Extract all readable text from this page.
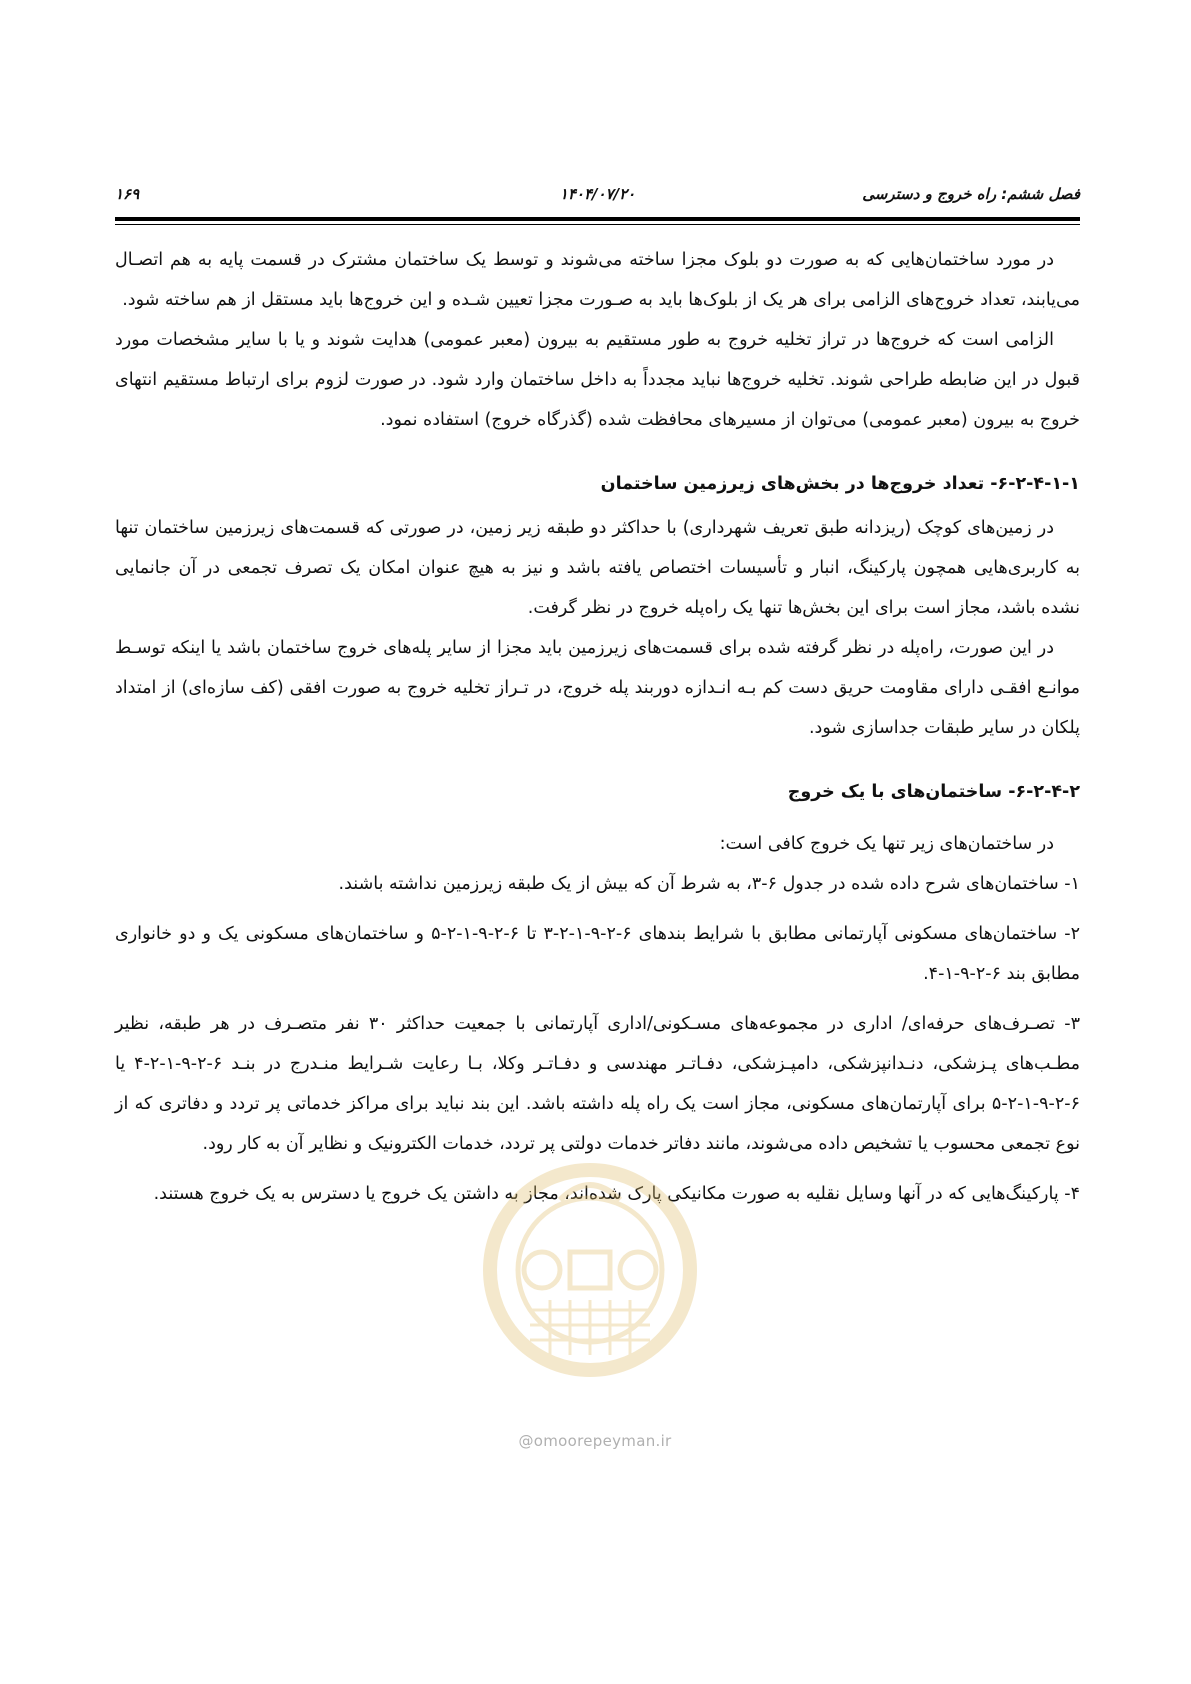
فصل ششم: راه خروج و دسترسی
۱۴۰۴/۰۷/۲۰
۱۶۹

در مورد ساختمان‌هایی که به صورت دو بلوک مجزا ساخته می‌شوند و توسط یک ساختمان مشترک در قسمت پایه به هم اتصـال می‌یابند، تعداد خروج‌های الزامی برای هر یک از بلوک‌ها باید به صـورت مجزا تعیین شـده و این خروج‌ها باید مستقل از هم ساخته شود.

الزامی است که خروج‌ها در تراز تخلیه خروج به طور مستقیم به بیرون (معبر عمومی) هدایت شوند و یا با سایر مشخصات مورد قبول در این ضابطه طراحی شوند. تخلیه خروج‌ها نباید مجدداً به داخل ساختمان وارد شود. در صورت لزوم برای ارتباط مستقیم انتهای خروج به بیرون (معبر عمومی) می‌توان از مسیرهای محافظت شده (گذرگاه خروج) استفاده نمود.

۶-۲-۴-۱-۱- تعداد خروج‌ها در بخش‌های زیرزمین ساختمان

در زمین‌های کوچک (ریزدانه طبق تعریف شهرداری) با حداکثر دو طبقه زیر زمین، در صورتی که قسمت‌های زیرزمین ساختمان تنها به کاربری‌هایی همچون پارکینگ، انبار و تأسیسات اختصاص یافته باشد و نیز به هیچ عنوان امکان یک تصرف تجمعی در آن جانمایی نشده باشد، مجاز است برای این بخش‌ها تنها یک راه‌پله خروج در نظر گرفت.

در این صورت، راه‌پله در نظر گرفته شده برای قسمت‌های زیرزمین باید مجزا از سایر پله‌های خروج ساختمان باشد یا اینکه توسـط موانـع افقـی دارای مقاومت حریق دست کم بـه انـدازه دوربند پله خروج، در تـراز تخلیه خروج به صورت افقی (کف سازه‌ای) از امتداد پلکان در سایر طبقات جداسازی شود.

۶-۲-۴-۲- ساختمان‌های با یک خروج

در ساختمان‌های زیر تنها یک خروج کافی است:

۱- ساختمان‌های شرح داده شده در جدول ۶-۳، به شرط آن که بیش از یک طبقه زیرزمین نداشته باشند.

۲- ساختمان‌های مسکونی آپارتمانی مطابق با شرایط بندهای ۶-۲-۹-۱-۲-۳ تا ۶-۲-۹-۱-۲-۵ و ساختمان‌های مسکونی یک و دو خانواری مطابق بند ۶-۲-۹-۱-۴.

۳- تصـرف‌های حرفه‌ای/ اداری در مجموعه‌های مسـکونی/اداری آپارتمانی با جمعیت حداکثر ۳۰ نفر متصـرف در هر طبقه، نظیر مطـب‌های پـزشکی، دنـدانپزشکی، دامپـزشکی، دفـاتـر مهندسی و دفـاتـر وکلا، بـا رعایت شـرایط منـدرج در بنـد ۶-۲-۹-۱-۲-۴ یا ۶-۲-۹-۱-۲-۵ برای آپارتمان‌های مسکونی، مجاز است یک راه پله داشته باشد. این بند نباید برای مراکز خدماتی پر تردد و دفاتری که از نوع تجمعی محسوب یا تشخیص داده می‌شوند، مانند دفاتر خدمات دولتی پر تردد، خدمات الکترونیک و نظایر آن به کار رود.

۴- پارکینگ‌هایی که در آنها وسایل نقلیه به صورت مکانیکی پارک شده‌اند، مجاز به داشتن یک خروج یا دسترس به یک خروج هستند.

@omoorepeyman.ir
